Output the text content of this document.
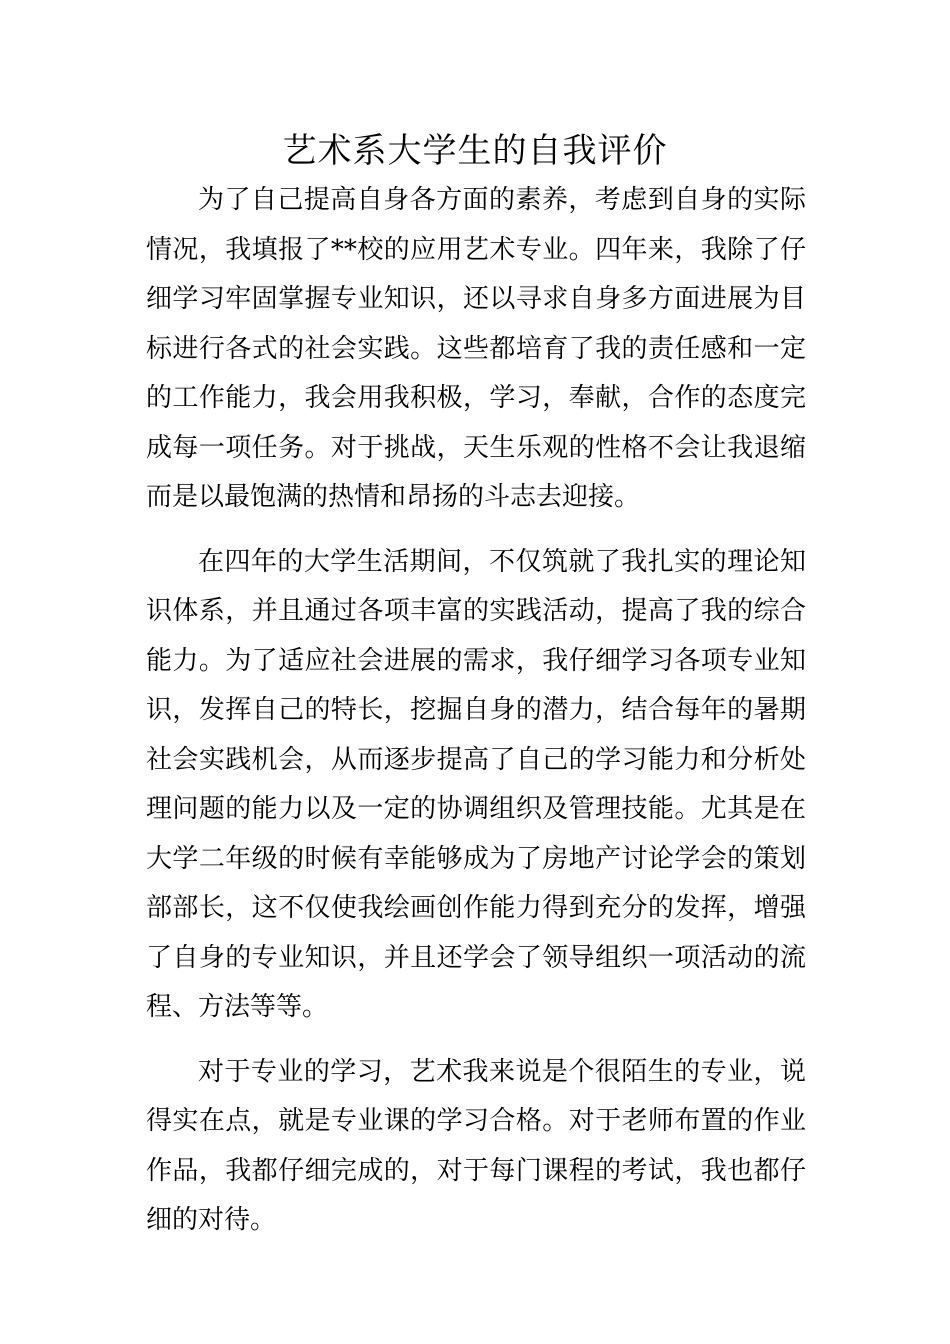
艺术系大学生的自我评价

为了自己提高自身各方面的素养，考虑到自身的实际情况，我填报了**校的应用艺术专业。四年来，我除了仔细学习牢固掌握专业知识，还以寻求自身多方面进展为目标进行各式的社会实践。这些都培育了我的责任感和一定的工作能力，我会用我积极，学习，奉献，合作的态度完成每一项任务。对于挑战，天生乐观的性格不会让我退缩而是以最饱满的热情和昂扬的斗志去迎接。

在四年的大学生活期间，不仅筑就了我扎实的理论知识体系，并且通过各项丰富的实践活动，提高了我的综合能力。为了适应社会进展的需求，我仔细学习各项专业知识，发挥自己的特长，挖掘自身的潜力，结合每年的暑期社会实践机会，从而逐步提高了自己的学习能力和分析处理问题的能力以及一定的协调组织及管理技能。尤其是在大学二年级的时候有幸能够成为了房地产讨论学会的策划部部长，这不仅使我绘画创作能力得到充分的发挥，增强了自身的专业知识，并且还学会了领导组织一项活动的流程、方法等等。

对于专业的学习，艺术我来说是个很陌生的专业，说得实在点，就是专业课的学习合格。对于老师布置的作业作品，我都仔细完成的，对于每门课程的考试，我也都仔细的对待。
